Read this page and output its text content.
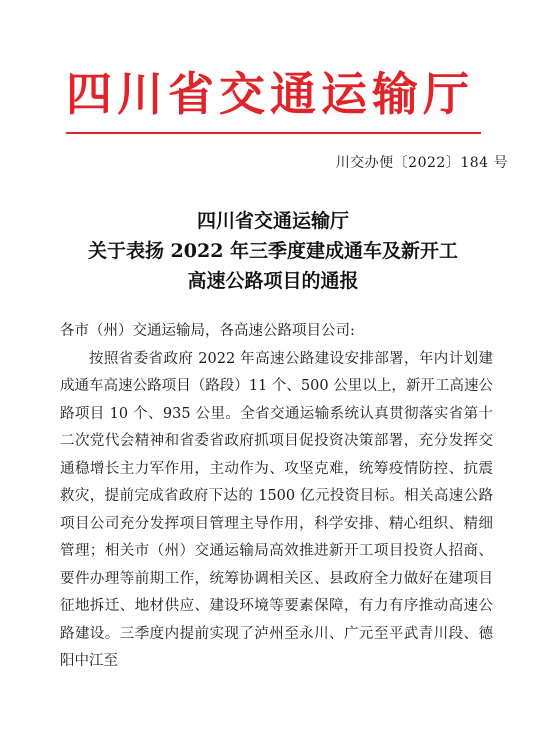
四川省交通运输厅
川交办便〔2022〕184 号
四川省交通运输厅
关于表扬 2022 年三季度建成通车及新开工
高速公路项目的通报

各市（州）交通运输局，各高速公路项目公司:

按照省委省政府 2022 年高速公路建设安排部署，年内计划建成通车高速公路项目（路段）11 个、500 公里以上，新开工高速公路项目 10 个、935 公里。全省交通运输系统认真贯彻落实省第十二次党代会精神和省委省政府抓项目促投资决策部署，充分发挥交通稳增长主力军作用，主动作为、攻坚克难，统筹疫情防控、抗震救灾，提前完成省政府下达的 1500 亿元投资目标。相关高速公路项目公司充分发挥项目管理主导作用，科学安排、精心组织、精细管理；相关市（州）交通运输局高效推进新开工项目投资人招商、要件办理等前期工作，统筹协调相关区、县政府全力做好在建项目征地拆迁、地材供应、建设环境等要素保障，有力有序推动高速公路建设。三季度内提前实现了泸州至永川、广元至平武青川段、德阳中江至
